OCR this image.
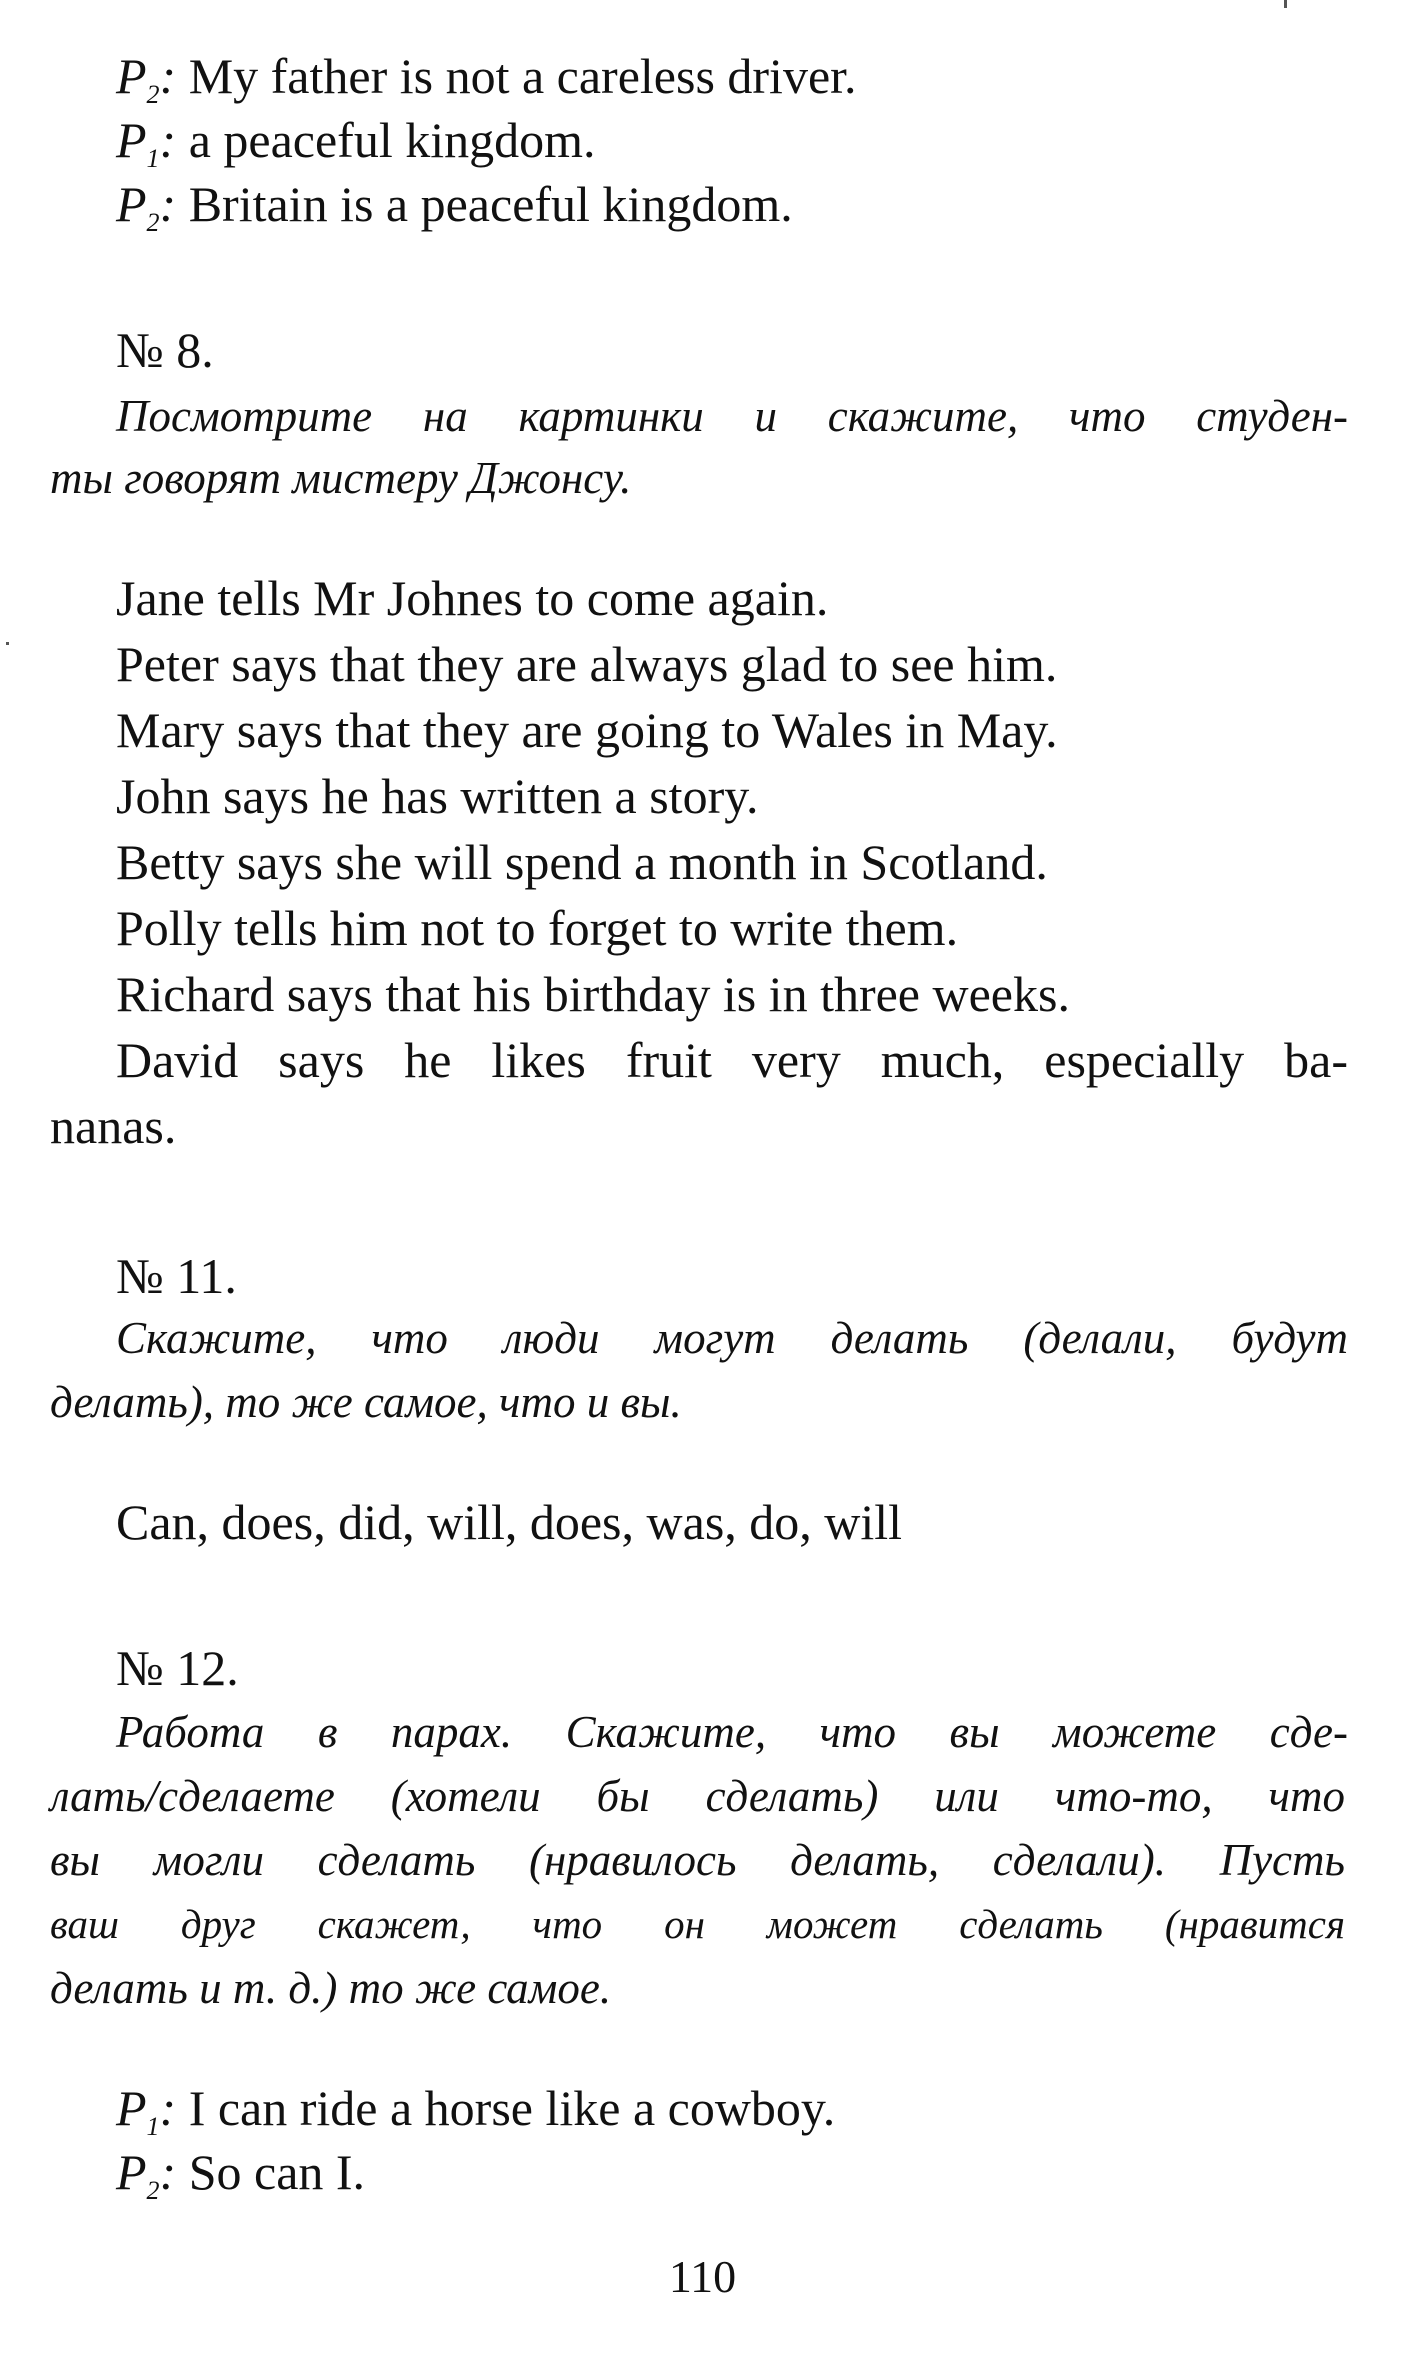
$P_2$: My father is not a careless driver.
$P_1$: a peaceful kingdom.
$P_2$: Britain is a peaceful kingdom.
№ 8.
Посмотрите на картинки и скажите, что студен-
ты говорят мистеру Джонсу.
Jane tells Mr Johnes to come again.
Peter says that they are always glad to see him.
Mary says that they are going to Wales in May.
John says he has written a story.
Betty says she will spend a month in Scotland.
Polly tells him not to forget to write them.
Richard says that his birthday is in three weeks.
David says he likes fruit very much, especially ba-
nanas.
№ 11.
Скажите, что люди могут делать (делали, будут
делать), то же самое, что и вы.
Can, does, did, will, does, was, do, will
№ 12.
Работа в парах. Скажите, что вы можете сде-
лать/сделаете (хотели бы сделать) или что-то, что
вы могли сделать (нравилось делать, сделали). Пусть
ваш друг скажет, что он может сделать (нравится
делать и т. д.) то же самое.
$P_1$: I can ride a horse like a cowboy.
$P_2$: So can I.
110
